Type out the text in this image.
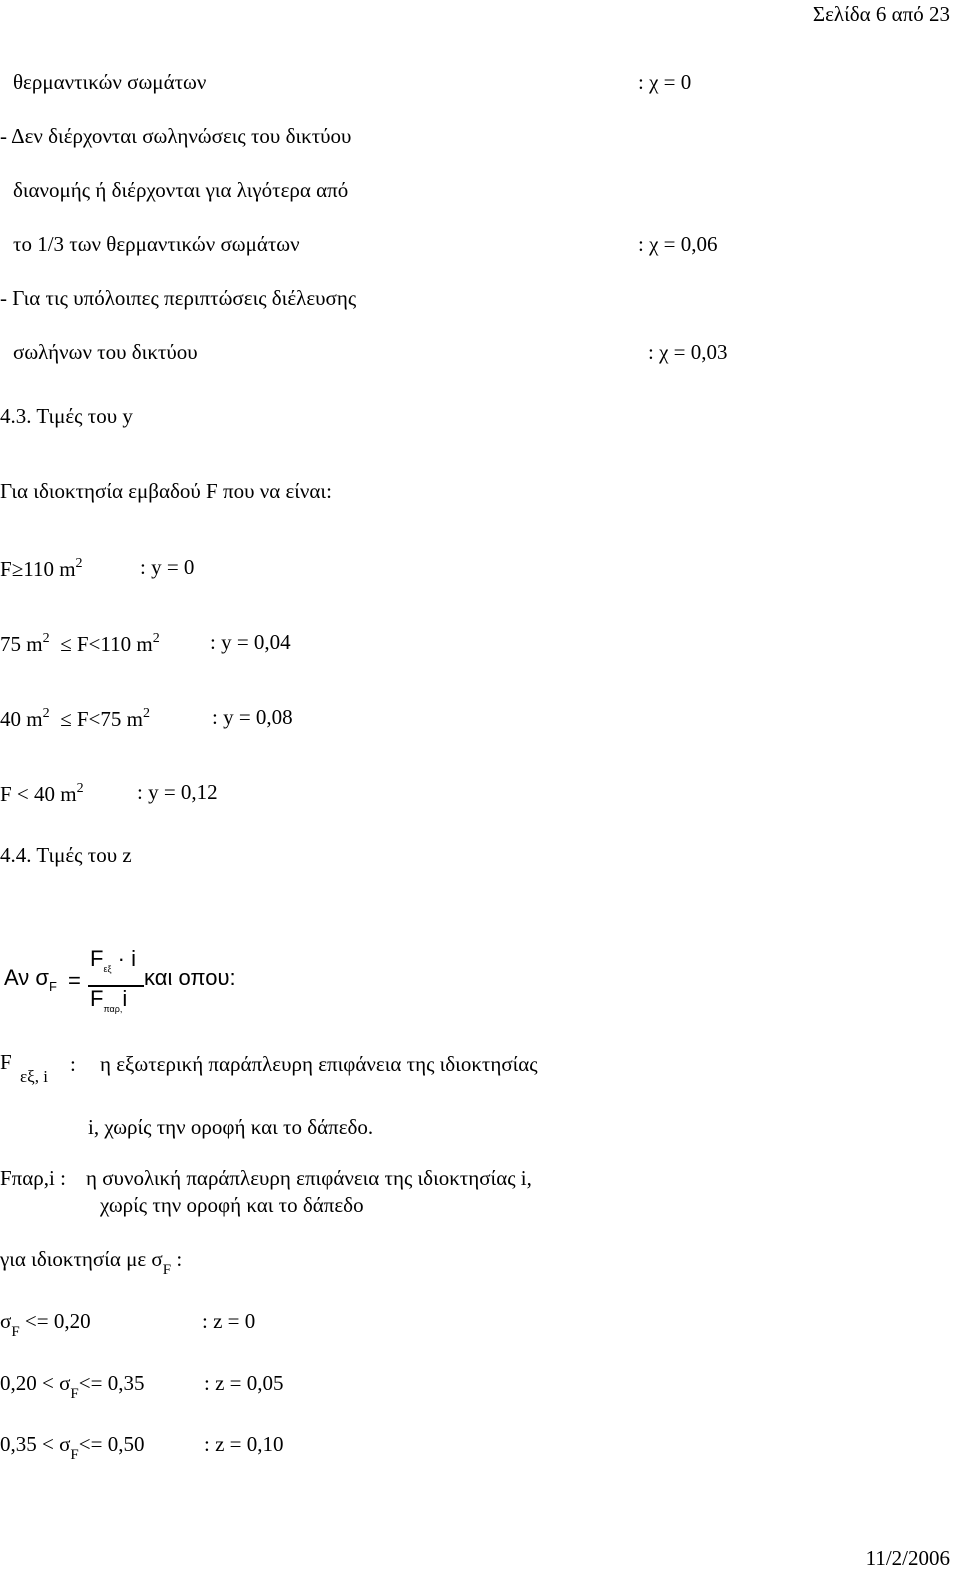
Σελίδα 6 από 23
θερμαντικών σωμάτων	: χ = 0
- Δεν διέρχονται σωληνώσεις του δικτύου
διανομής ή διέρχονται για λιγότερα από
το 1/3 των θερμαντικών σωμάτων	: χ = 0,06
- Για τις υπόλοιπες περιπτώσεις διέλευσης
σωλήνων του δικτύου	: χ = 0,03
4.3. Τιμές του y
Για ιδιοκτησία εμβαδού F που να είναι:
F≥110 $m^2$	: y = 0
75 $m^2 \le F<110$ $m^2$ : y = 0,04
40 $m^2 \le F<75$ $m^2$	: y = 0,08
F < 40 $m^2$	: y = 0,12
4.4. Τιμές του z
Αν $\sigma_F$ =
$F_{\varepsilon\xi} \cdot i$
$F_{\pi\alpha\rho,}i$
και οπου:
F
εξ, i
: η εξωτερική παράπλευρη επιφάνεια της ιδιοκτησίας
i, χωρίς την οροφή και το δάπεδο.
Fπαρ,i : η συνολική παράπλευρη επιφάνεια της ιδιοκτησίας i,
χωρίς την οροφή και το δάπεδο
για ιδιοκτησία με $\sigma_F$ :
$\sigma_F <= 0,20$	: z = 0
$0,20 < \sigma_F<= 0,35$	: z = 0,05
$0,35 < \sigma_F<= 0,50$	: z = 0,10
11/2/2006
